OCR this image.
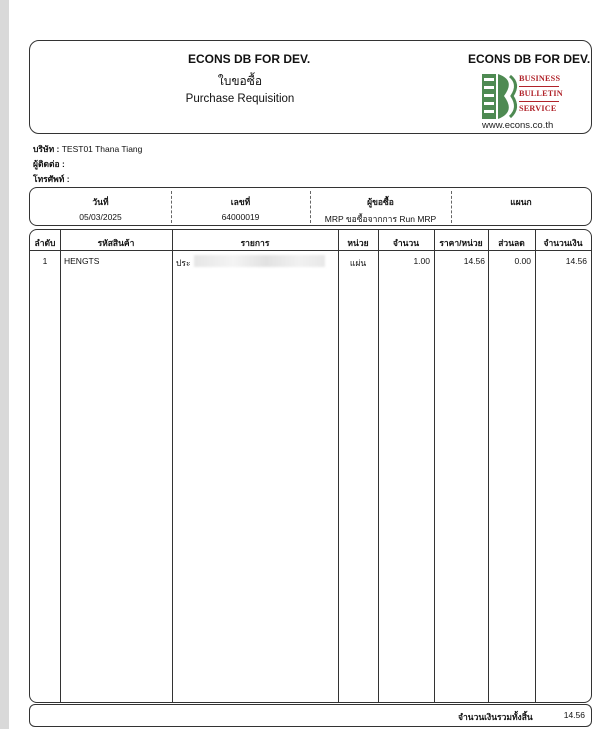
ECONS DB FOR DEV.
ใบขอซื้อ
Purchase Requisition
ECONS DB FOR DEV.
BUSINESS
BULLETIN
SERVICE
www.econs.co.th
บริษัท : TEST01 Thana Tiang
ผู้ติดต่อ :
โทรศัพท์ :
วันที่
05/03/2025
เลขที่
64000019
ผู้ขอซื้อ
MRP ขอซื้อจากการ Run MRP
แผนก
ลำดับ	รหัสสินค้า	รายการ	หน่วย	จำนวน	ราคา/หน่วย	ส่วนลด	จำนวนเงิน
1	HENGTS	ประ	แผ่น	1.00	14.56	0.00	14.56
จำนวนเงินรวมทั้งสิ้น	14.56
